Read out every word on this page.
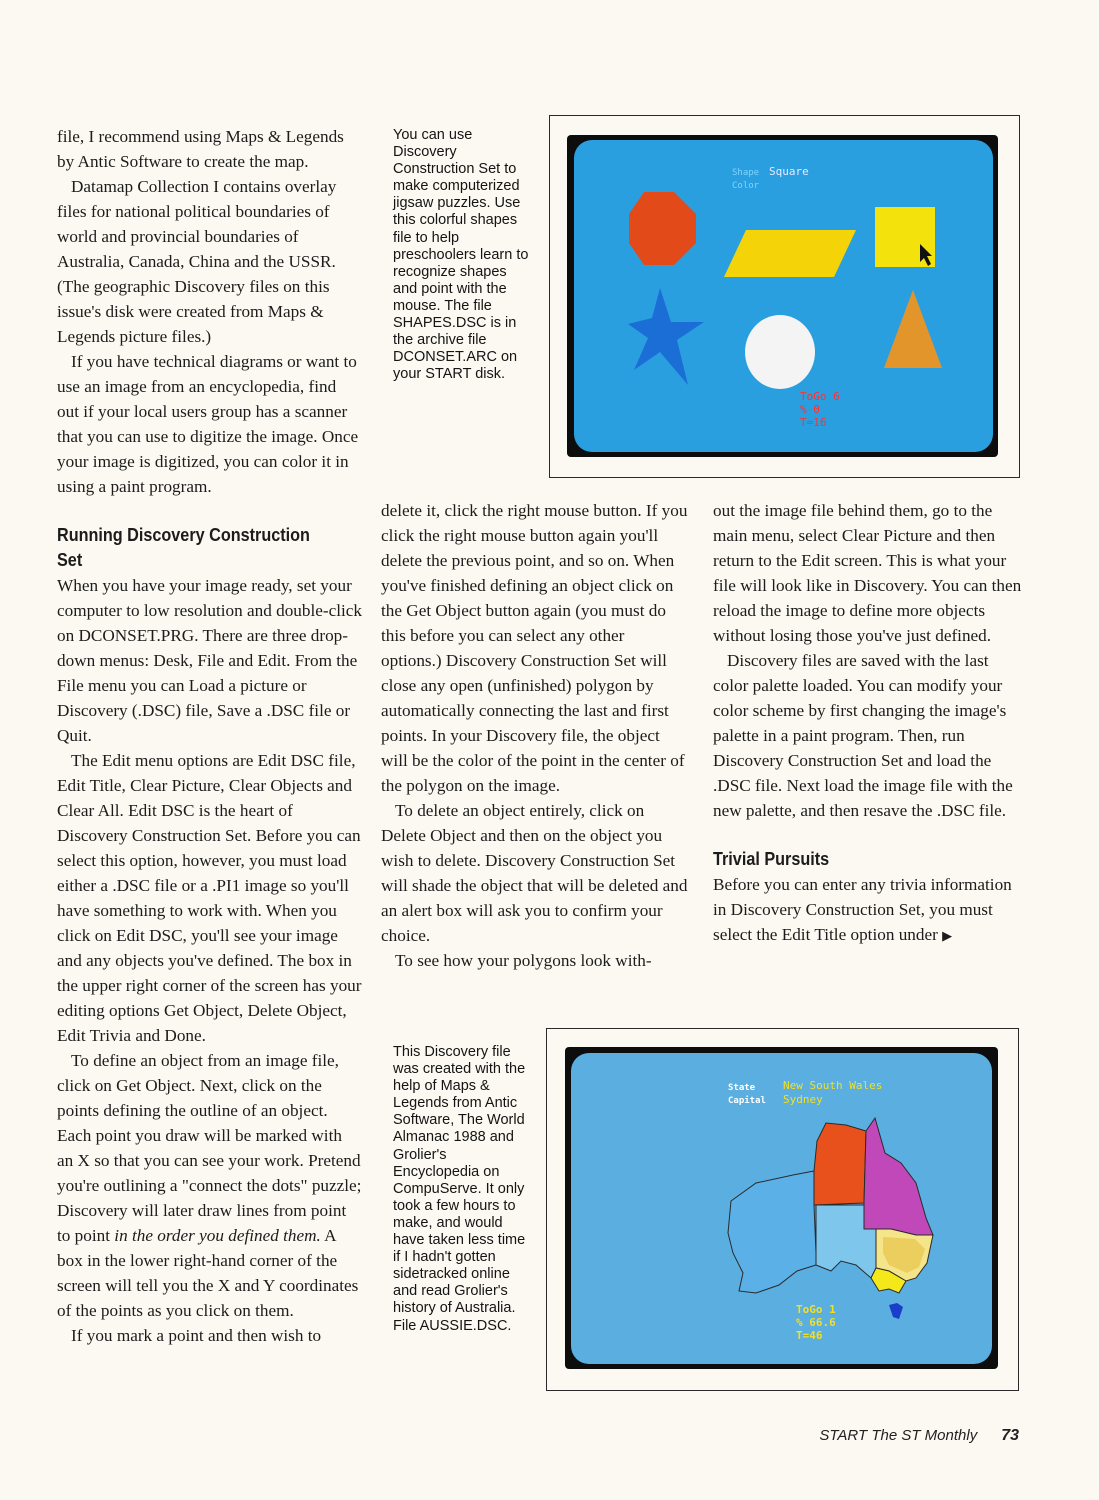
file, I recommend using Maps & Legends by Antic Software to create the map.

Datamap Collection I contains overlay files for national political boundaries of world and provincial boundaries of Australia, Canada, China and the USSR. (The geographic Discovery files on this issue's disk were created from Maps & Legends picture files.)

If you have technical diagrams or want to use an image from an encyclopedia, find out if your local users group has a scanner that you can use to digitize the image. Once your image is digitized, you can color it in using a paint program.

Running Discovery Construction Set

When you have your image ready, set your computer to low resolution and double-click on DCONSET.PRG. There are three drop-down menus: Desk, File and Edit. From the File menu you can Load a picture or Discovery (.DSC) file, Save a .DSC file or Quit.

The Edit menu options are Edit DSC file, Edit Title, Clear Picture, Clear Objects and Clear All. Edit DSC is the heart of Discovery Construction Set. Before you can select this option, however, you must load either a .DSC file or a .PI1 image so you'll have something to work with. When you click on Edit DSC, you'll see your image and any objects you've defined. The box in the upper right corner of the screen has your editing options Get Object, Delete Object, Edit Trivia and Done.

To define an object from an image file, click on Get Object. Next, click on the points defining the outline of an object. Each point you draw will be marked with an X so that you can see your work. Pretend you're outlining a "connect the dots" puzzle; Discovery will later draw lines from point to point in the order you defined them. A box in the lower right-hand corner of the screen will tell you the X and Y coordinates of the points as you click on them.

If you mark a point and then wish to

You can use Discovery Construction Set to make computerized jigsaw puzzles. Use this colorful shapes file to help preschoolers learn to recognize shapes and point with the mouse. The file SHAPES.DSC is in the archive file DCONSET.ARC on your START disk.

Shape Square
Color
ToGo 6
% 0
T=16

delete it, click the right mouse button. If you click the right mouse button again you'll delete the previous point, and so on. When you've finished defining an object click on the Get Object button again (you must do this before you can select any other options.) Discovery Construction Set will close any open (unfinished) polygon by automatically connecting the last and first points. In your Discovery file, the object will be the color of the point in the center of the polygon on the image.

To delete an object entirely, click on Delete Object and then on the object you wish to delete. Discovery Construction Set will shade the object that will be deleted and an alert box will ask you to confirm your choice.

To see how your polygons look with-

out the image file behind them, go to the main menu, select Clear Picture and then return to the Edit screen. This is what your file will look like in Discovery. You can then reload the image to define more objects without losing those you've just defined.

Discovery files are saved with the last color palette loaded. You can modify your color scheme by first changing the image's palette in a paint program. Then, run Discovery Construction Set and load the .DSC file. Next load the image file with the new palette, and then resave the .DSC file.

Trivial Pursuits

Before you can enter any trivia information in Discovery Construction Set, you must select the Edit Title option under ▶

This Discovery file was created with the help of Maps & Legends from Antic Software, The World Almanac 1988 and Grolier's Encyclopedia on CompuServe. It only took a few hours to make, and would have taken less time if I hadn't gotten sidetracked online and read Grolier's history of Australia. File AUSSIE.DSC.

State	New South Wales
Capital Sydney
ToGo 1
% 66.6
T=46
START The ST Monthly 73
